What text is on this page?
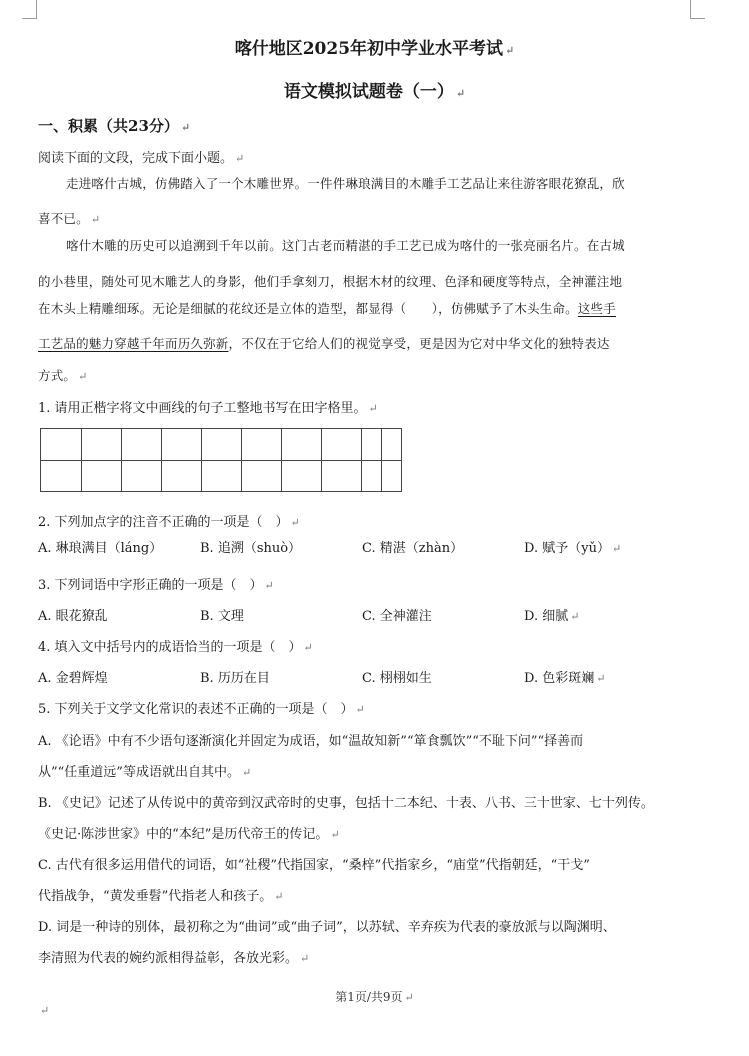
喀什地区2025年初中学业水平考试 ↵
语文模拟试题卷（一） ↵
一、积累（共23分） ↵
阅读下面的文段，完成下面小题。 ↵
走进喀什古城，仿佛踏入了一个木雕世界。一件件琳琅满目的木雕手工艺品让来往游客眼花獠乱，欣
喜不已。 ↵
喀什木雕的历史可以追溯到千年以前。这门古老而精湛的手工艺已成为喀什的一张亮丽名片。在古城
的小巷里，随处可见木雕艺人的身影，他们手拿刻刀，根据木材的纹理、色泽和硬度等特点，全神灌注地
在木头上精雕细琢。无论是细腻的花纹还是立体的造型，都显得（　　），仿佛赋予了木头生命。这些手
工艺品的魅力穿越千年而历久弥新，不仅在于它给人们的视觉享受，更是因为它对中华文化的独特表达
方式。 ↵
1. 请用正楷字将文中画线的句子工整地书写在田字格里。 ↵
2. 下列加点字的注音不正确的一项是（　） ↵
A. 琳琅满目（láng）	B. 追溯（shuò）	C. 精湛（zhàn）	D. 赋予（yǔ） ↵
3. 下列词语中字形正确的一项是（　） ↵
A. 眼花獠乱	B. 文理	C. 全神灌注	D. 细腻 ↵
4. 填入文中括号内的成语恰当的一项是（　） ↵
A. 金碧辉煌	B. 历历在目	C. 栩栩如生	D. 色彩斑斓 ↵
5. 下列关于文学文化常识的表述不正确的一项是（　） ↵
A. 《论语》中有不少语句逐渐演化并固定为成语，如“温故知新”“箪食瓢饮”“不耻下问”“择善而
从”“任重道远”等成语就出自其中。 ↵
B. 《史记》记述了从传说中的黄帝到汉武帝时的史事，包括十二本纪、十表、八书、三十世家、七十列传。
《史记·陈涉世家》中的“本纪”是历代帝王的传记。 ↵
C. 古代有很多运用借代的词语，如“社稷”代指国家，“桑梓”代指家乡，“庙堂”代指朝廷，“干戈”
代指战争，“黄发垂髫”代指老人和孩子。 ↵
D. 词是一种诗的别体，最初称之为“曲词”或“曲子词”，以苏轼、辛弃疾为代表的豪放派与以陶渊明、
李清照为代表的婉约派相得益彰，各放光彩。 ↵
第1页/共9页 ↵
↵
